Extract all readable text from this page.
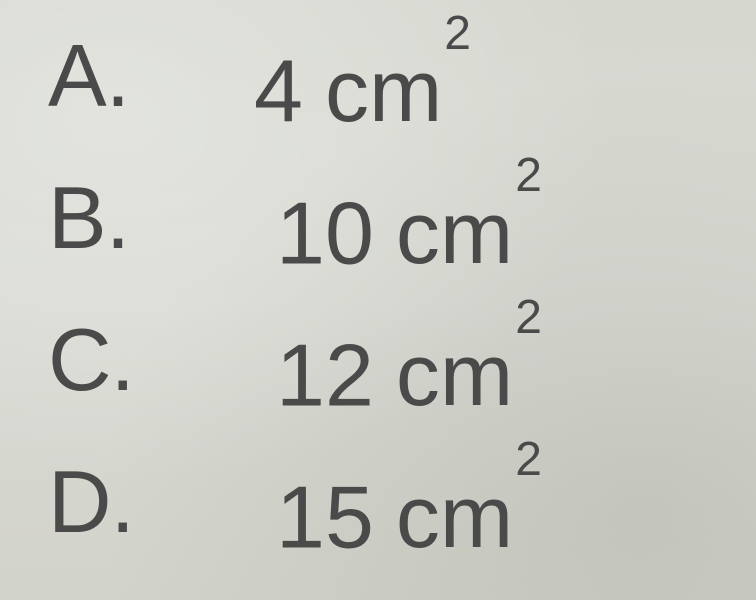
A. 4 $cm^2$
B. 10 $cm^2$
C. 12 $cm^2$
D. 15 $cm^2$
